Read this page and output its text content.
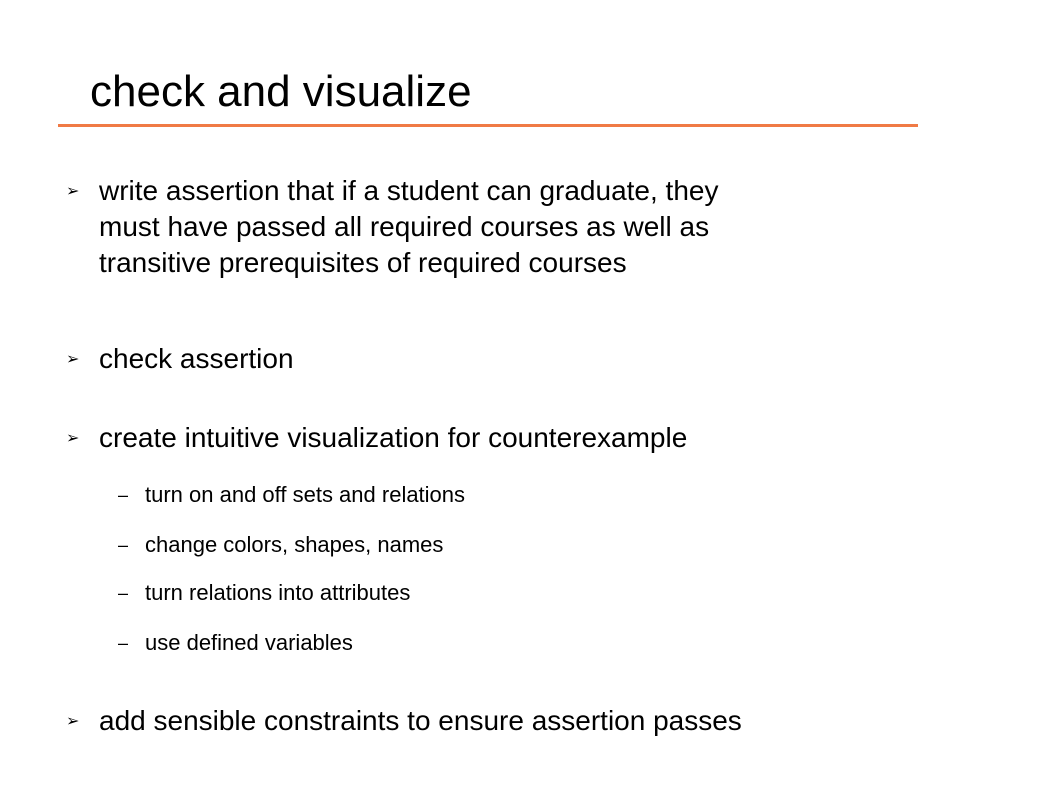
check and visualize
➢ write assertion that if a student can graduate, they
must have passed all required courses as well as
transitive prerequisites of required courses
➢ check assertion
➢ create intuitive visualization for counterexample
– turn on and off sets and relations
– change colors, shapes, names
– turn relations into attributes
– use defined variables
➢ add sensible constraints to ensure assertion passes
